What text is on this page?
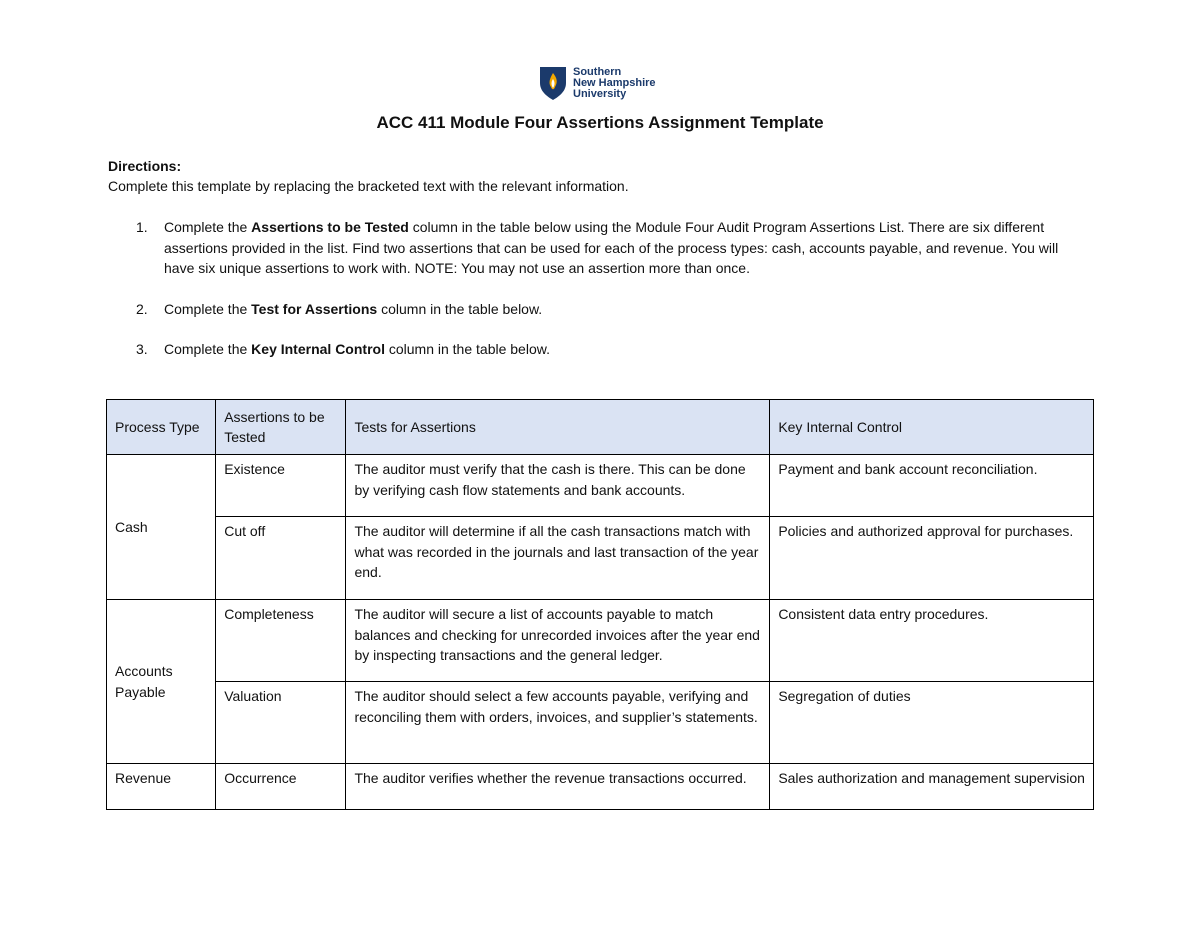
Southern
New Hampshire
University
ACC 411 Module Four Assertions Assignment Template
Directions:
Complete this template by replacing the bracketed text with the relevant information.
1. Complete the Assertions to be Tested column in the table below using the Module Four Audit Program Assertions List. There are six different assertions provided in the list. Find two assertions that can be used for each of the process types: cash, accounts payable, and revenue. You will have six unique assertions to work with. NOTE: You may not use an assertion more than once.
2. Complete the Test for Assertions column in the table below.
3. Complete the Key Internal Control column in the table below.
Process Type	Assertions to be Tested	Tests for Assertions	Key Internal Control
Cash	Existence	The auditor must verify that the cash is there. This can be done by verifying cash flow statements and bank accounts.	Payment and bank account reconciliation.
	Cut off	The auditor will determine if all the cash transactions match with what was recorded in the journals and last transaction of the year end.	Policies and authorized approval for purchases.
Accounts Payable	Completeness	The auditor will secure a list of accounts payable to match balances and checking for unrecorded invoices after the year end by inspecting transactions and the general ledger.	Consistent data entry procedures.
	Valuation	The auditor should select a few accounts payable, verifying and reconciling them with orders, invoices, and supplier’s statements.	Segregation of duties
Revenue	Occurrence	The auditor verifies whether the revenue transactions occurred.	Sales authorization and management supervision
